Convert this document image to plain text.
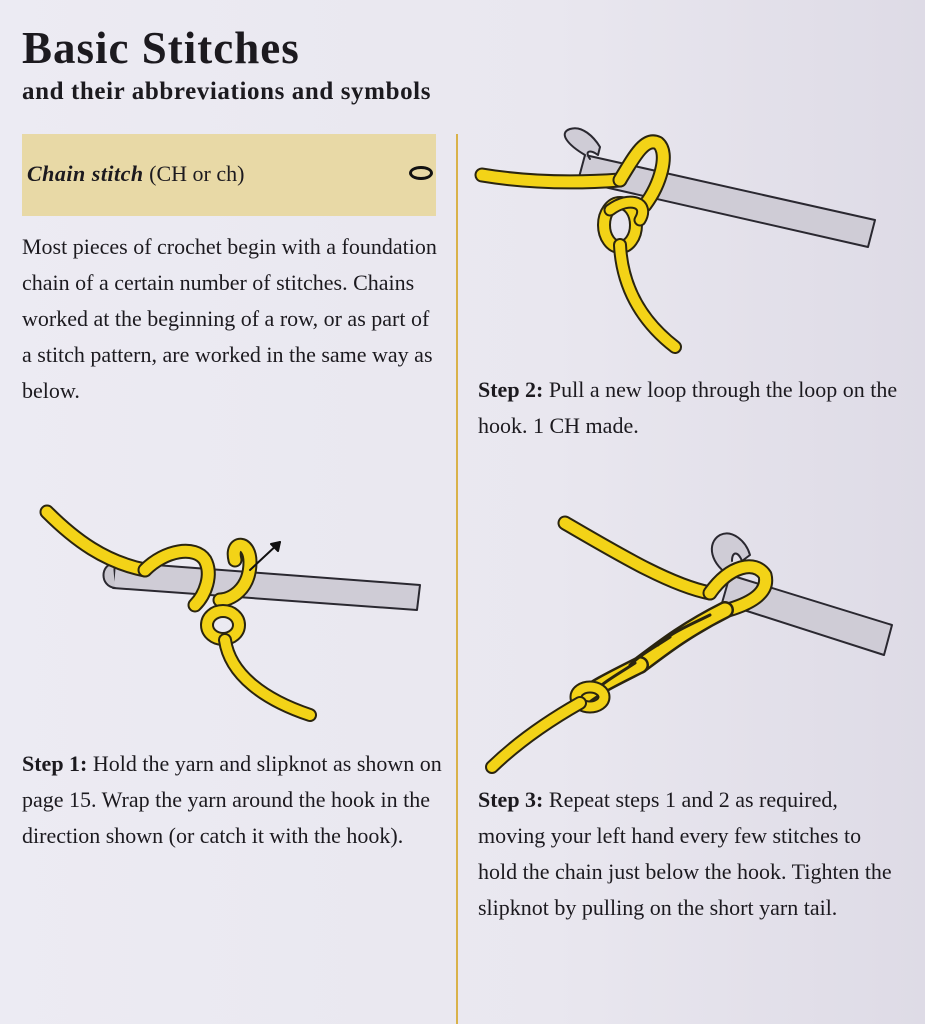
Basic Stitches
and their abbreviations and symbols
Chain stitch (CH or ch)

Most pieces of crochet begin with a foundation chain of a certain number of stitches. Chains worked at the beginning of a row, or as part of a stitch pattern, are worked in the same way as below.	Step 2: Pull a new loop through the loop on the hook. 1 CH made.

Step 1: Hold the yarn and slipknot as shown on page 15. Wrap the yarn around the hook in the direction shown (or catch it with the hook).

Step 3: Repeat steps 1 and 2 as required, moving your left hand every few stitches to hold the chain just below the hook. Tighten the slipknot by pulling on the short yarn tail.
